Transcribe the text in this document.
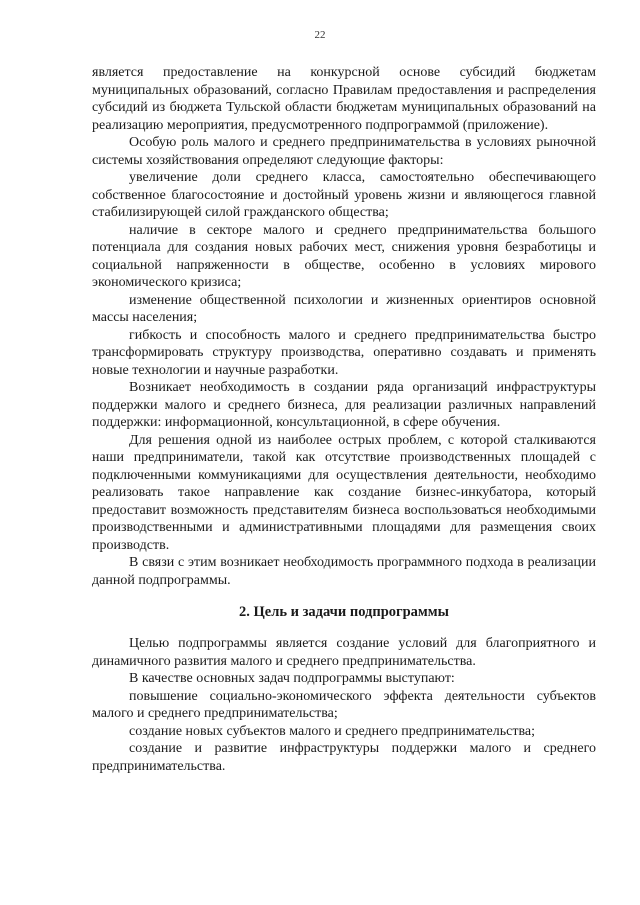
22

является предоставление на конкурсной основе субсидий бюджетам муниципальных образований, согласно Правилам предоставления и распределения субсидий из бюджета Тульской области бюджетам муниципальных образований на реализацию мероприятия, предусмотренного подпрограммой (приложение).

Особую роль малого и среднего предпринимательства в условиях рыночной системы хозяйствования определяют следующие факторы:

увеличение доли среднего класса, самостоятельно обеспечивающего собственное благосостояние и достойный уровень жизни и являющегося главной стабилизирующей силой гражданского общества;

наличие в секторе малого и среднего предпринимательства большого потенциала для создания новых рабочих мест, снижения уровня безработицы и социальной напряженности в обществе, особенно в условиях мирового экономического кризиса;

изменение общественной психологии и жизненных ориентиров основной массы населения;

гибкость и способность малого и среднего предпринимательства быстро трансформировать структуру производства, оперативно создавать и применять новые технологии и научные разработки.

Возникает необходимость в создании ряда организаций инфраструктуры поддержки малого и среднего бизнеса, для реализации различных направлений поддержки: информационной, консультационной, в сфере обучения.

Для решения одной из наиболее острых проблем, с которой сталкиваются наши предприниматели, такой как отсутствие производственных площадей с подключенными коммуникациями для осуществления деятельности, необходимо реализовать такое направление как создание бизнес-инкубатора, который предоставит возможность представителям бизнеса воспользоваться необходимыми производственными и административными площадями для размещения своих производств.

В связи с этим возникает необходимость программного подхода в реализации данной подпрограммы.

2. Цель и задачи подпрограммы

Целью подпрограммы является создание условий для благоприятного и динамичного развития малого и среднего предпринимательства.

В качестве основных задач подпрограммы выступают:

повышение социально-экономического эффекта деятельности субъектов малого и среднего предпринимательства;

создание новых субъектов малого и среднего предпринимательства;

создание и развитие инфраструктуры поддержки малого и среднего предпринимательства.
